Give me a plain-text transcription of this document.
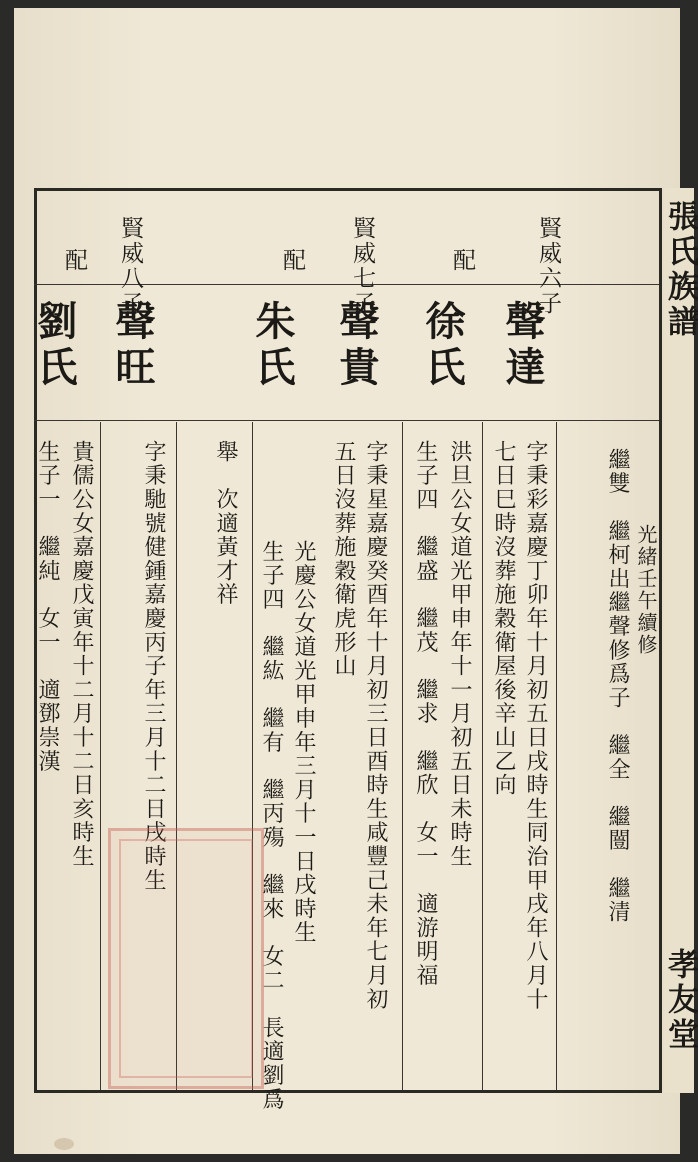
張氏族譜
孝友堂
賢威六子
配
聲達
徐氏
賢威七子
配
聲貴
朱氏
賢威八子
配
聲旺
劉氏
繼雙　繼柯出繼聲修爲子　繼全　繼闓　繼清
字秉彩嘉慶丁卯年十月初五日戌時生同治甲戌年八月十
七日巳時沒葬施穀衛屋後辛山乙向
洪旦公女道光甲申年十一月初五日未時生
生子四　繼盛　繼茂　繼求　繼欣　女一　適游明福
字秉星嘉慶癸酉年十月初三日酉時生咸豐己未年七月初
五日沒葬施穀衛虎形山
光慶公女道光甲申年三月十一日戌時生
生子四　繼紘　繼有　繼丙殤　繼來　女二　長適劉爲
舉　次適黃才祥
字秉馳號健鍾嘉慶丙子年三月十二日戌時生
貴儒公女嘉慶戊寅年十二月十二日亥時生
生子一　繼純　女一　適鄧崇漢	光緒壬午續修
